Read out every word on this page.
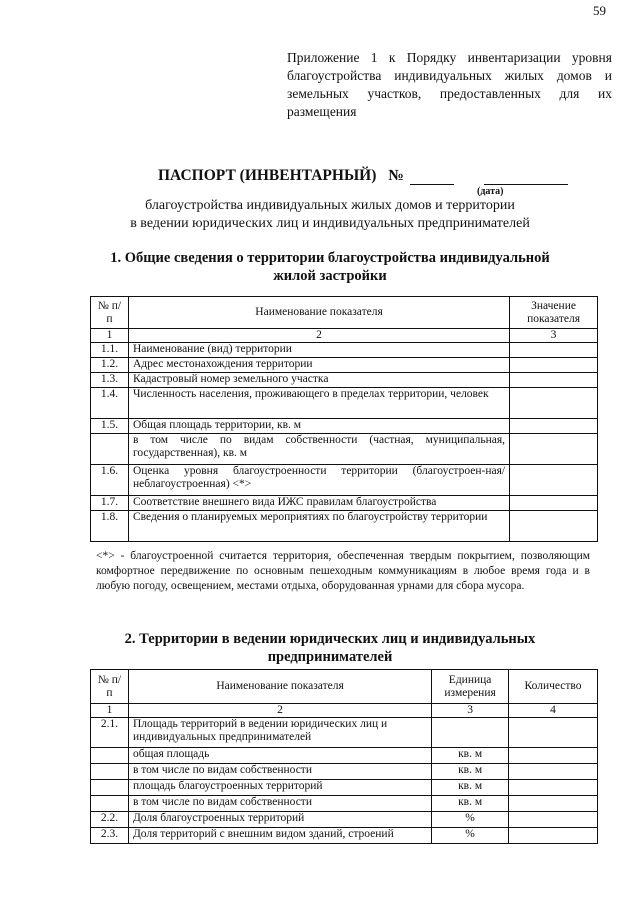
59
Приложение 1 к Порядку инвентаризации уровня благоустройства индивидуальных жилых домов и земельных участков, предоставленных для их размещения
ПАСПОРТ (ИНВЕНТАРНЫЙ) №
(дата)
благоустройства индивидуальных жилых домов и территории
в ведении юридических лиц и индивидуальных предпринимателей
1. Общие сведения о территории благоустройства индивидуальной
жилой застройки
№ п/п	Наименование показателя	Значение показателя
1	2	3
1.1.	Наименование (вид) территории	
1.2.	Адрес местонахождения территории	
1.3.	Кадастровый номер земельного участка	
1.4.	Численность населения, проживающего в пределах территории, человек	
1.5.	Общая площадь территории, кв. м	
	в том числе по видам собственности (частная, муниципальная, государственная), кв. м	
1.6.	Оценка уровня благоустроенности территории (благоустроен-ная/неблагоустроенная) <*>	
1.7.	Соответствие внешнего вида ИЖС правилам благоустройства	
1.8.	Сведения о планируемых мероприятиях по благоустройству территории	
<*> - благоустроенной считается территория, обеспеченная твердым покрытием, позволяющим комфортное передвижение по основным пешеходным коммуникациям в любое время года и в любую погоду, освещением, местами отдыха, оборудованная урнами для сбора мусора.
2. Территории в ведении юридических лиц и индивидуальных
предпринимателей
№ п/п	Наименование показателя	Единица измерения	Количество
1	2	3	4
2.1.	Площадь территорий в ведении юридических лиц и индивидуальных предпринимателей		
	общая площадь	кв. м	
	в том числе по видам собственности	кв. м	
	площадь благоустроенных территорий	кв. м	
	в том числе по видам собственности	кв. м	
2.2.	Доля благоустроенных территорий	%	
2.3.	Доля территорий с внешним видом зданий, строений	%	
